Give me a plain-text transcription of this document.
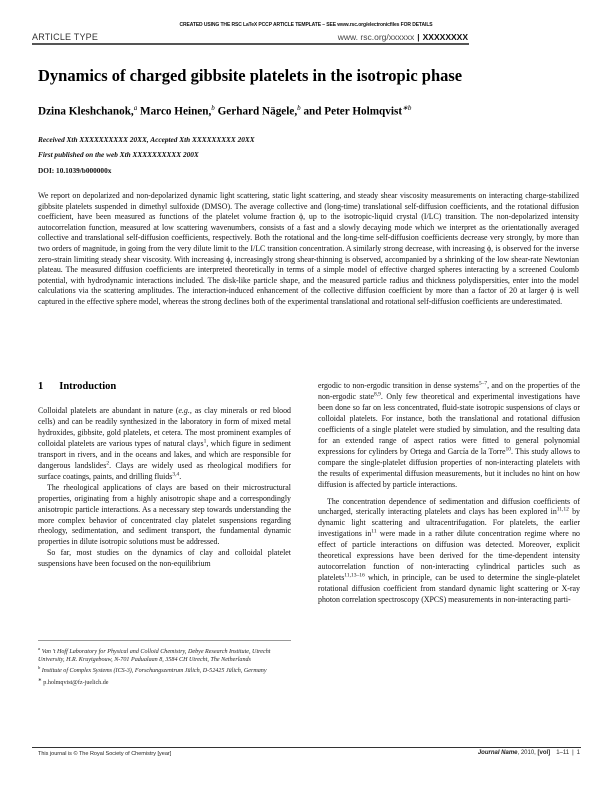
CREATED USING THE RSC LaTeX PCCP ARTICLE TEMPLATE – SEE www.rsc.org/electronicfiles FOR DETAILS
ARTICLE TYPE	www. rsc.org/xxxxxx | XXXXXXXX
Dynamics of charged gibbsite platelets in the isotropic phase
Dzina Kleshchanok,$^a$ Marco Heinen,$^b$ Gerhard Nägele,$^b$ and Peter Holmqvist$^{∗b}$
Received Xth XXXXXXXXXX 20XX, Accepted Xth XXXXXXXXX 20XX
First published on the web Xth XXXXXXXXXX 200X
DOI: 10.1039/b000000x
We report on depolarized and non-depolarized dynamic light scattering, static light scattering, and steady shear viscosity measurements on interacting charge-stabilized gibbsite platelets suspended in dimethyl sulfoxide (DMSO). The average collective and (long-time) translational self-diffusion coefficients, and the rotational diffusion coefficient, have been measured as functions of the platelet volume fraction ϕ, up to the isotropic-liquid crystal (I/LC) transition. The non-depolarized intensity autocorrelation function, measured at low scattering wavenumbers, consists of a fast and a slowly decaying mode which we interpret as the orientationally averaged collective and translational self-diffusion coefficients, respectively. Both the rotational and the long-time self-diffusion coefficients decrease very strongly, by more than two orders of magnitude, in going from the very dilute limit to the I/LC transition concentration. A similarly strong decrease, with increasing ϕ, is observed for the inverse zero-strain limiting steady shear viscosity. With increasing ϕ, increasingly strong shear-thinning is observed, accompanied by a shrinking of the low shear-rate Newtonian plateau. The measured diffusion coefficients are interpreted theoretically in terms of a simple model of effective charged spheres interacting by a screened Coulomb potential, with hydrodynamic interactions included. The disk-like particle shape, and the measured particle radius and thickness polydispersities, enter into the model calculations via the scattering amplitudes. The interaction-induced enhancement of the collective diffusion coefficient by more than a factor of 20 at larger ϕ is well captured in the effective sphere model, whereas the strong declines both of the experimental translational and rotational self-diffusion coefficients are underestimated.
1 Introduction

Colloidal platelets are abundant in nature (e.g., as clay minerals or red blood cells) and can be readily synthesized in the laboratory in form of mixed metal hydroxides, gibbsite, gold platelets, et cetera. The most prominent examples of colloidal platelets are various types of natural clays$^1$, which figure in sediment transport in rivers, and in the oceans and lakes, and which are responsible for dangerous landslides$^2$. Clays are widely used as rheological modifiers for surface coatings, paints, and drilling fluids$^{3,4}$.

The rheological applications of clays are based on their microstructural properties, originating from a highly anisotropic shape and a correspondingly anisotropic particle interactions. As a necessary step towards understanding the more complex behavior of concentrated clay platelet suspensions regarding rheology, sedimentation, and sediment transport, the fundamental dynamic properties in dilute isotropic solutions must be addressed.

So far, most studies on the dynamics of clay and colloidal platelet suspensions have been focused on the non-equilibrium

$^a$ Van 't Hoff Laboratory for Physical and Colloid Chemistry, Debye Research Institute, Utrecht University, H.R. Kruytgebouw, N-701 Padualaan 8, 3584 CH Utrecht, The Netherlands
$^b$ Institute of Complex Systems (ICS-3), Forschungszentrum Jülich, D-52425 Jülich, Germany
∗ p.holmqvist@fz-juelich.de

ergodic to non-ergodic transition in dense systems$^{5-7}$, and on the properties of the non-ergodic state$^{8,9}$. Only few theoretical and experimental investigations have been done so far on less concentrated, fluid-state isotropic suspensions of clays or colloidal platelets. For instance, both the translational and rotational diffusion coefficients of a single platelet were studied by simulation, and the resulting data for an extended range of aspect ratios were fitted to general polynomial expressions for cylinders by Ortega and García de la Torre$^{10}$. This study allows to compare the single-platelet diffusion properties of non-interacting platelets with the results of experimental diffusion measurements, but it includes no hint on how diffusion is affected by particle interactions.

The concentration dependence of sedimentation and diffusion coefficients of uncharged, sterically interacting platelets and clays has been explored in$^{11,12}$ by dynamic light scattering and ultracentrifugation. For platelets, the earlier investigations $in^{11}$ were made in a rather dilute concentration regime where no effect of particle interactions on diffusion was detected. Moreover, explicit theoretical expressions have been derived for the time-dependent intensity autocorrelation function of non-interacting cylindrical particles such as platelets$^{11,13-16}$ which, in principle, can be used to determine the single-platelet rotational diffusion coefficient from standard dynamic light scattering or X-ray photon correlation spectroscopy (XPCS) measurements in non-interacting parti-

This journal is © The Royal Society of Chemistry [year]	Journal Name, 2010, [vol] 1–11 | 1
